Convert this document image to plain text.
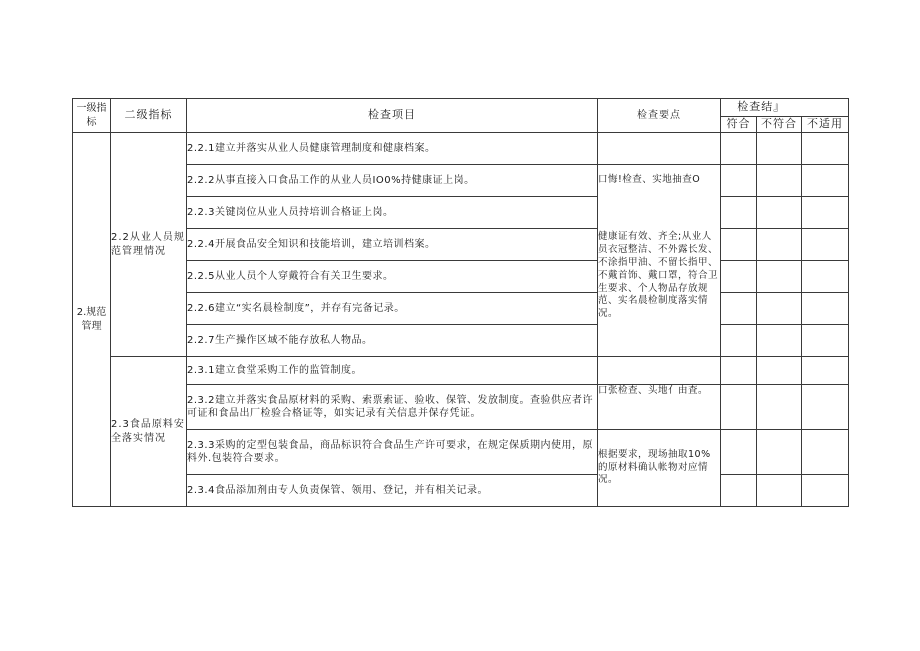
一级指标	二级指标	检查项目	检查要点	检查结』		
				符合	不符合	不适用
2.规范管理	2.2从业人员规范管理情况	2.2.1建立并落实从业人员健康管理制度和健康档案。				
		2.2.2从事直接入口食品工作的从业人员IO0%持健康证上岗。	口悔!检查、实地抽查O			
		2.2.3关键岗位从业人员持培训合格证上岗。	健康证有效、齐全;从业人员衣冠整洁、不外露长发、不涂指甲油、不留长指甲、不戴首饰、戴口罩，符合卫生要求、个人物品存放规范、实名晨检制度落实情况。			
		2.2.4开展食品安全知识和技能培训，建立培训档案。				
		2.2.5从业人员个人穿戴符合有关卫生要求。				
		2.2.6建立“实名晨检制度”，并存有完备记录。				
		2.2.7生产操作区域不能存放私人物品。				
	2.3食品原料安全落实情况	2.3.1建立食堂采购工作的监管制度。				
		2.3.2建立并落实食品原材料的采购、索票索证、验收、保管、发放制度。查验供应者许可证和食品出厂检验合格证等，如实记录有关信息并保存凭证。	口张检查、头地亻由査。			
		2.3.3采购的定型包装食品，商品标识符合食品生产许可要求，在规定保质期内使用，原料外.包装符合要求。	根据要求，现场抽取10%的原材料确认帐物对应情况。			
		2.3.4食品添加剂由专人负责保管、领用、登记，并有相关记录。				
